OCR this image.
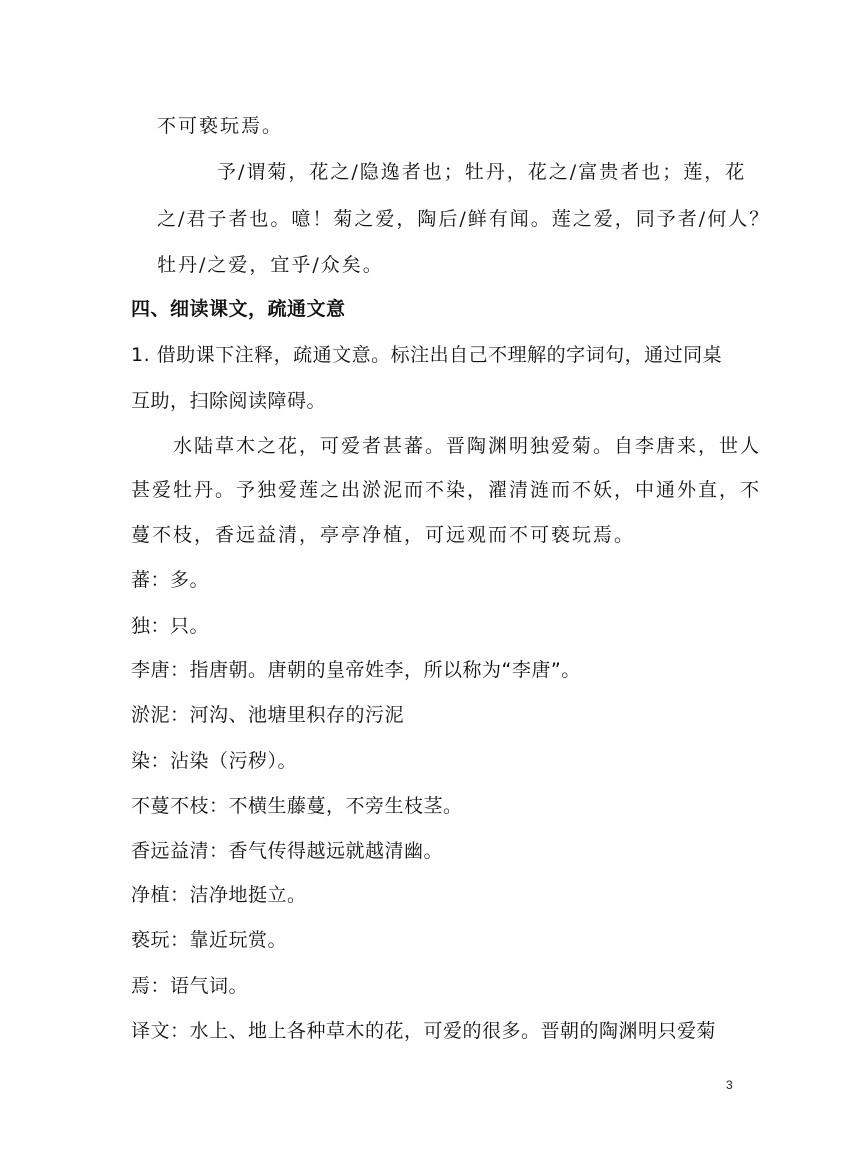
不可亵玩焉。
予/谓菊，花之/隐逸者也；牡丹，花之/富贵者也；莲，花
之/君子者也。噫！菊之爱，陶后/鲜有闻。莲之爱，同予者/何人？
牡丹/之爱，宜乎/众矣。
四、细读课文，疏通文意
1. 借助课下注释，疏通文意。标注出自己不理解的字词句，通过同桌
互助，扫除阅读障碍。
水陆草木之花，可爱者甚蕃。晋陶渊明独爱菊。自李唐来，世人
甚爱牡丹。予独爱莲之出淤泥而不染，濯清涟而不妖，中通外直，不
蔓不枝，香远益清，亭亭净植，可远观而不可亵玩焉。
蕃：多。
独：只。
李唐：指唐朝。唐朝的皇帝姓李，所以称为“李唐”。
淤泥：河沟、池塘里积存的污泥
染：沾染（污秽）。
不蔓不枝：不横生藤蔓，不旁生枝茎。
香远益清：香气传得越远就越清幽。
净植：洁净地挺立。
亵玩：靠近玩赏。
焉：语气词。
译文：水上、地上各种草木的花，可爱的很多。晋朝的陶渊明只爱菊
3
